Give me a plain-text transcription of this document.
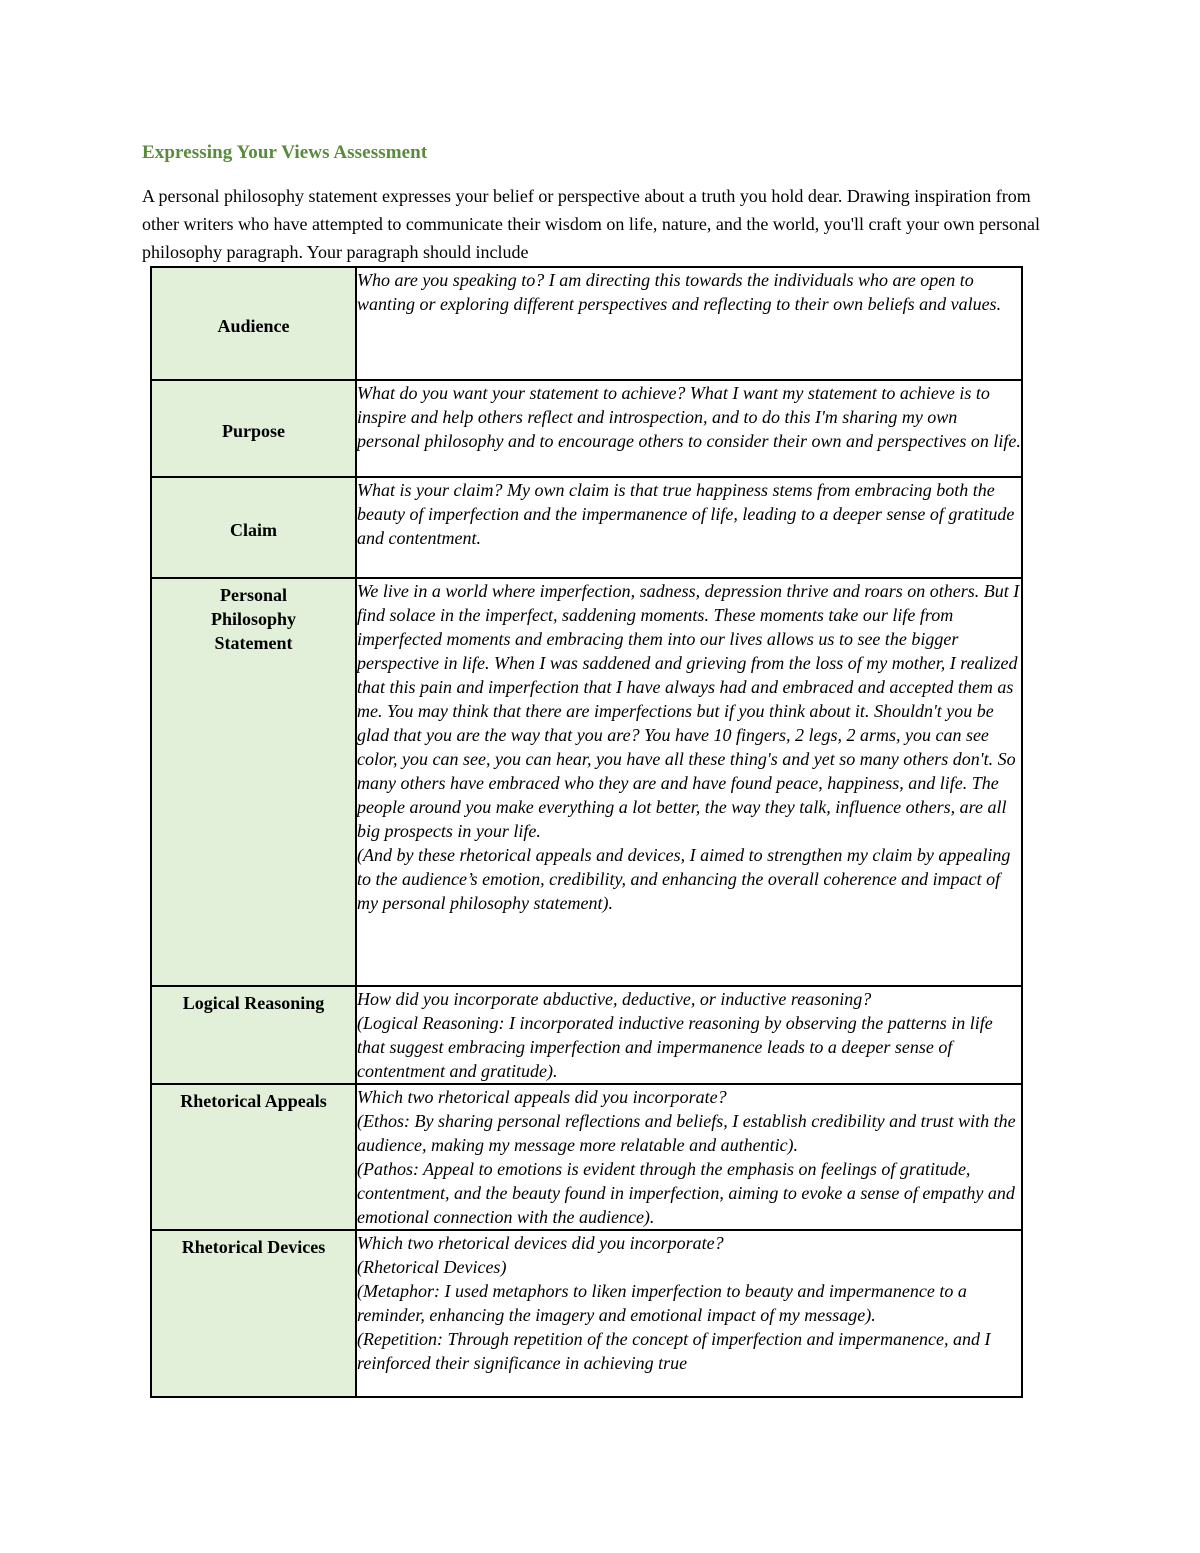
Expressing Your Views Assessment

A personal philosophy statement expresses your belief or perspective about a truth you hold dear. Drawing inspiration from other writers who have attempted to communicate their wisdom on life, nature, and the world, you'll craft your own personal philosophy paragraph. Your paragraph should include

Audience	Who are you speaking to? I am directing this towards the individuals who are open to wanting or exploring different perspectives and reflecting to their own beliefs and values.

Purpose	What do you want your statement to achieve? What I want my statement to achieve is to inspire and help others reflect and introspection, and to do this I'm sharing my own personal philosophy and to encourage others to consider their own and perspectives on life.

Claim	What is your claim? My own claim is that true happiness stems from embracing both the beauty of imperfection and the impermanence of life, leading to a deeper sense of gratitude and contentment.

Personal Philosophy Statement	We live in a world where imperfection, sadness, depression thrive and roars on others. But I find solace in the imperfect, saddening moments. These moments take our life from imperfected moments and embracing them into our lives allows us to see the bigger perspective in life. When I was saddened and grieving from the loss of my mother, I realized that this pain and imperfection that I have always had and embraced and accepted them as me. You may think that there are imperfections but if you think about it. Shouldn't you be glad that you are the way that you are? You have 10 fingers, 2 legs, 2 arms, you can see color, you can see, you can hear, you have all these thing's and yet so many others don't. So many others have embraced who they are and have found peace, happiness, and life. The people around you make everything a lot better, the way they talk, influence others, are all big prospects in your life.

(And by these rhetorical appeals and devices, I aimed to strengthen my claim by appealing to the audience’s emotion, credibility, and enhancing the overall coherence and impact of my personal philosophy statement).

Logical Reasoning	How did you incorporate abductive, deductive, or inductive reasoning?

(Logical Reasoning: I incorporated inductive reasoning by observing the patterns in life that suggest embracing imperfection and impermanence leads to a deeper sense of contentment and gratitude).

Rhetorical Appeals	Which two rhetorical appeals did you incorporate?

(Ethos: By sharing personal reflections and beliefs, I establish credibility and trust with the audience, making my message more relatable and authentic).

(Pathos: Appeal to emotions is evident through the emphasis on feelings of gratitude, contentment, and the beauty found in imperfection, aiming to evoke a sense of empathy and emotional connection with the audience).

Rhetorical Devices	Which two rhetorical devices did you incorporate?

(Rhetorical Devices)

(Metaphor: I used metaphors to liken imperfection to beauty and impermanence to a reminder, enhancing the imagery and emotional impact of my message).

(Repetition: Through repetition of the concept of imperfection and impermanence, and I reinforced their significance in achieving true
